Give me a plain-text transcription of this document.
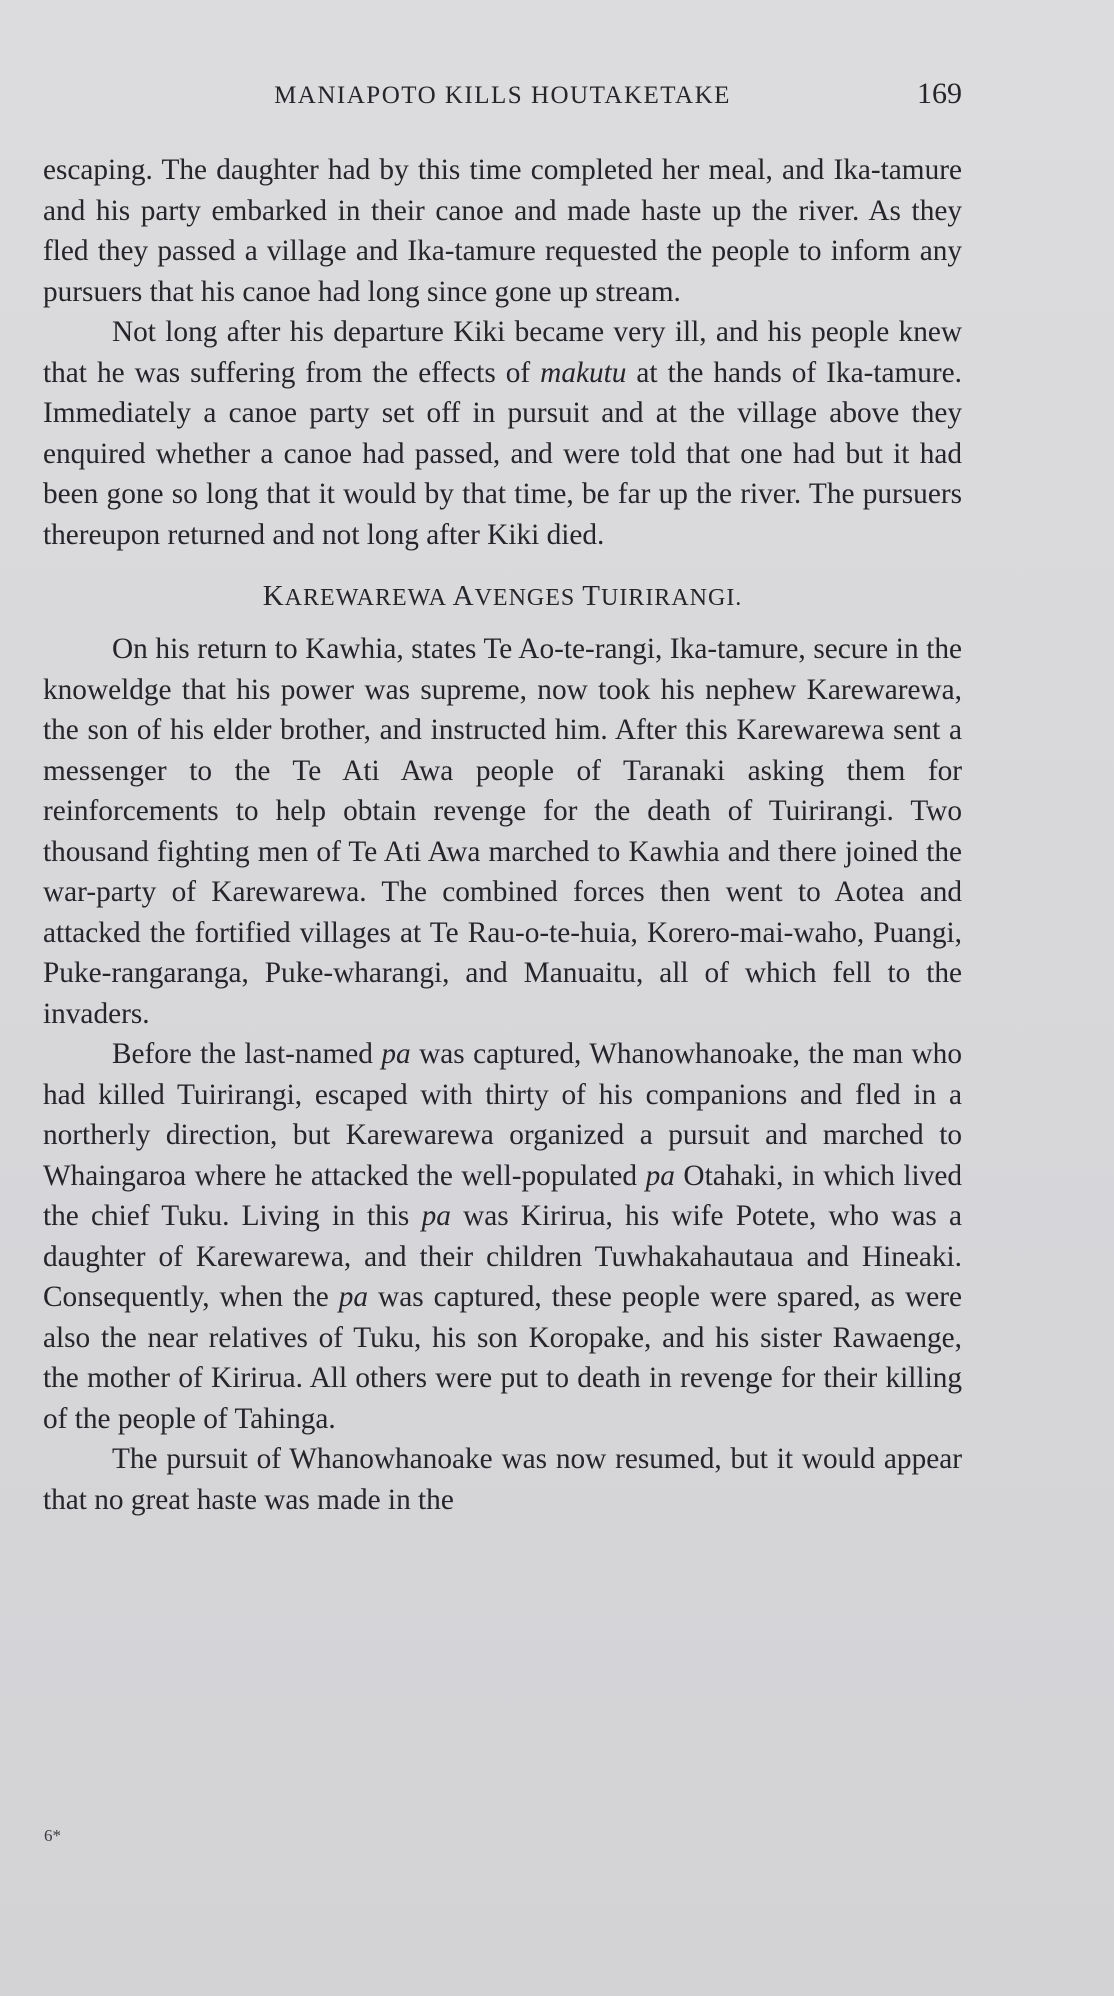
MANIAPOTO KILLS HOUTAKETAKE	169

escaping. The daughter had by this time completed her meal, and Ika-tamure and his party embarked in their canoe and made haste up the river. As they fled they passed a village and Ika-tamure requested the people to inform any pursuers that his canoe had long since gone up stream.

Not long after his departure Kiki became very ill, and his people knew that he was suffering from the effects of makutu at the hands of Ika-tamure. Immediately a canoe party set off in pursuit and at the village above they enquired whether a canoe had passed, and were told that one had but it had been gone so long that it would by that time, be far up the river. The pursuers thereupon returned and not long after Kiki died.

KAREWAREWA AVENGES TUIRIRANGI.

On his return to Kawhia, states Te Ao-te-rangi, Ika-tamure, secure in the knoweldge that his power was supreme, now took his nephew Karewarewa, the son of his elder brother, and instructed him. After this Karewarewa sent a messenger to the Te Ati Awa people of Taranaki asking them for reinforcements to help obtain revenge for the death of Tuirirangi. Two thousand fighting men of Te Ati Awa marched to Kawhia and there joined the war-party of Karewarewa. The combined forces then went to Aotea and attacked the fortified villages at Te Rau-o-te-huia, Korero-mai-waho, Puangi, Puke-rangaranga, Puke-wharangi, and Manuaitu, all of which fell to the invaders.

Before the last-named pa was captured, Whanowhanoake, the man who had killed Tuirirangi, escaped with thirty of his companions and fled in a northerly direction, but Karewarewa organized a pursuit and marched to Whaingaroa where he attacked the well-populated pa Otahaki, in which lived the chief Tuku. Living in this pa was Kirirua, his wife Potete, who was a daughter of Karewarewa, and their children Tuwhakahautaua and Hineaki. Consequently, when the pa was captured, these people were spared, as were also the near relatives of Tuku, his son Koropake, and his sister Rawaenge, the mother of Kirirua. All others were put to death in revenge for their killing of the people of Tahinga.

The pursuit of Whanowhanoake was now resumed, but it would appear that no great haste was made in the

6*
